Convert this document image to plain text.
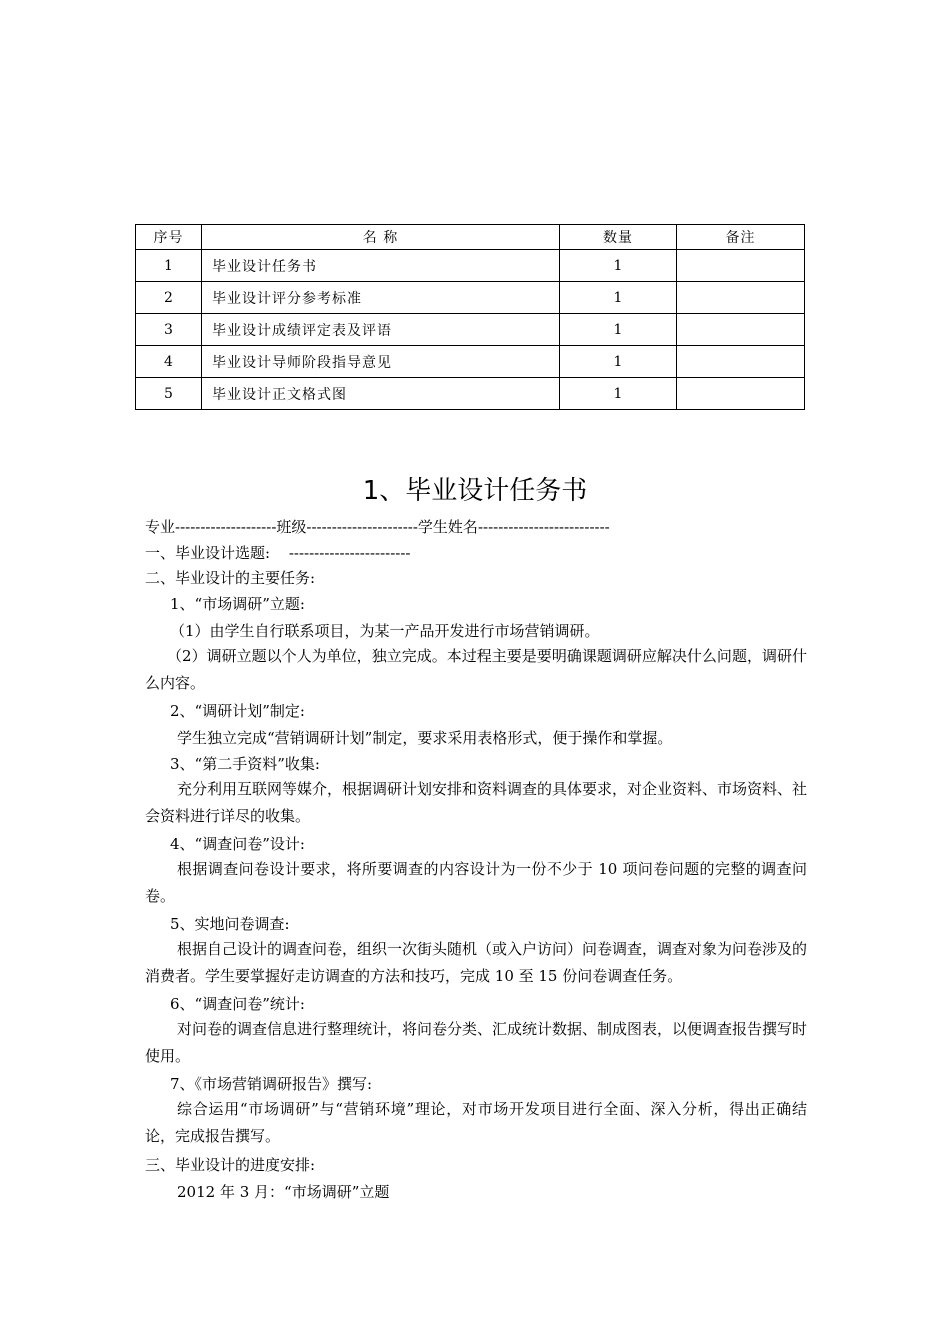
序号	名 称	数量	备注
1	毕业设计任务书	1	
2	毕业设计评分参考标准	1	
3	毕业设计成绩评定表及评语	1	
4	毕业设计导师阶段指导意见	1	
5	毕业设计正文格式图	1	
1、毕业设计任务书
专业--------------------班级----------------------学生姓名--------------------------
一、毕业设计选题: ------------------------
二、毕业设计的主要任务:
1、“市场调研”立题:
（1）由学生自行联系项目，为某一产品开发进行市场营销调研。
（2）调研立题以个人为单位，独立完成。本过程主要是要明确课题调研应解决什么问题，调研什么内容。
2、“调研计划”制定:
学生独立完成“营销调研计划”制定，要求采用表格形式，便于操作和掌握。
3、“第二手资料”收集:
充分利用互联网等媒介，根据调研计划安排和资料调查的具体要求，对企业资料、市场资料、社会资料进行详尽的收集。
4、“调查问卷”设计:
根据调查问卷设计要求，将所要调查的内容设计为一份不少于 10 项问卷问题的完整的调查问卷。
5、实地问卷调查:
根据自己设计的调查问卷，组织一次街头随机（或入户访问）问卷调查，调查对象为问卷涉及的消费者。学生要掌握好走访调查的方法和技巧，完成 10 至 15 份问卷调查任务。
6、“调查问卷”统计:
对问卷的调查信息进行整理统计，将问卷分类、汇成统计数据、制成图表，以便调查报告撰写时使用。
7、《市场营销调研报告》撰写:
综合运用“市场调研”与“营销环境”理论，对市场开发项目进行全面、深入分析，得出正确结论，完成报告撰写。
三、毕业设计的进度安排:
2012 年 3 月：“市场调研”立题
